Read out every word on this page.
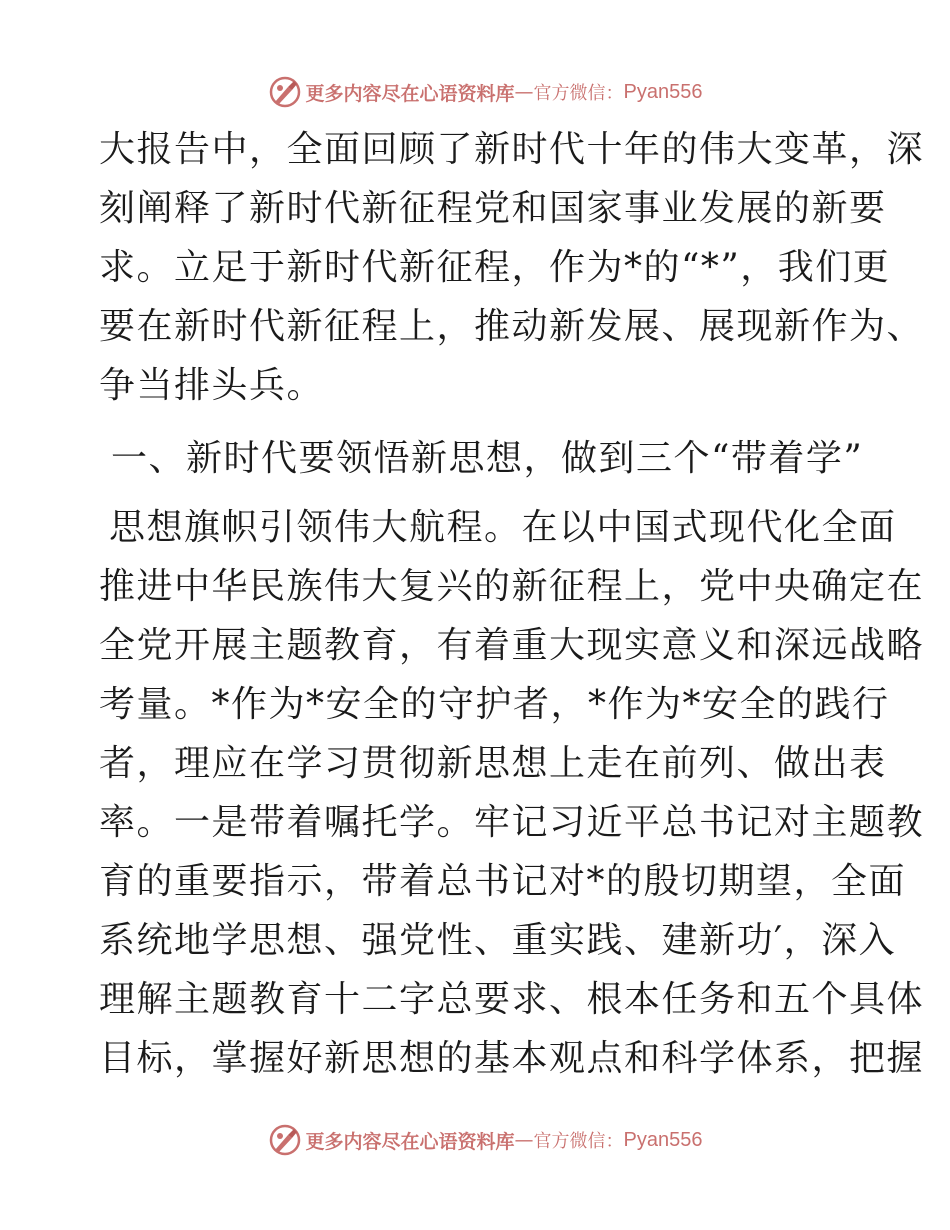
更多内容尽在心语资料库 — 官方微信： Pyan556
大报告中，全面回顾了新时代十年的伟大变革，深
刻阐释了新时代新征程党和国家事业发展的新要
求。立足于新时代新征程，作为*的“*”，我们更
要在新时代新征程上，推动新发展、展现新作为、
争当排头兵。
一、新时代要领悟新思想，做到三个“带着学”
思想旗帜引领伟大航程。在以中国式现代化全面
推进中华民族伟大复兴的新征程上，党中央确定在
全党开展主题教育，有着重大现实意义和深远战略
考量。*作为*安全的守护者，*作为*安全的践行
者，理应在学习贯彻新思想上走在前列、做出表
率。一是带着嘱托学。牢记习近平总书记对主题教
育的重要指示，带着总书记对*的殷切期望，全面
系统地学思想、强党性、重实践、建新功′，深入
理解主题教育十二字总要求、根本任务和五个具体
目标，掌握好新思想的基本观点和科学体系，把握
更多内容尽在心语资料库 — 官方微信： Pyan556
